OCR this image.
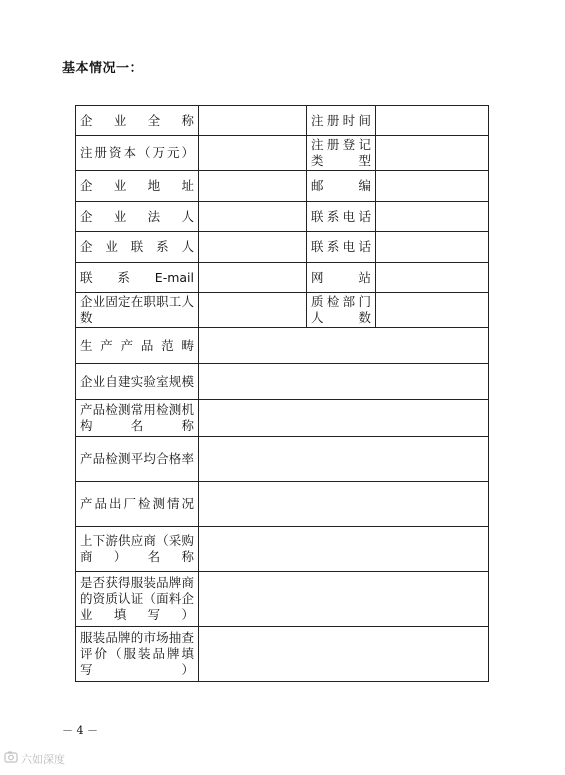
基本情况一：
企业全称		注册时间	
注册资本（万元）		注册登记类型	
企业地址		邮编	
企业法人		联系电话	
企业联系人		联系电话	
联系E-mail		网站	
企业固定在职职工人数		质检部门人数	
生产产品范畴			
企业自建实验室规模			
产品检测常用检测机构名称			
产品检测平均合格率			
产品出厂检测情况			
上下游供应商（采购商）名称			
是否获得服装品牌商的资质认证（面料企业填写）			
服装品牌的市场抽查评价（服装品牌填写）			
－ 4 －
六如深度
